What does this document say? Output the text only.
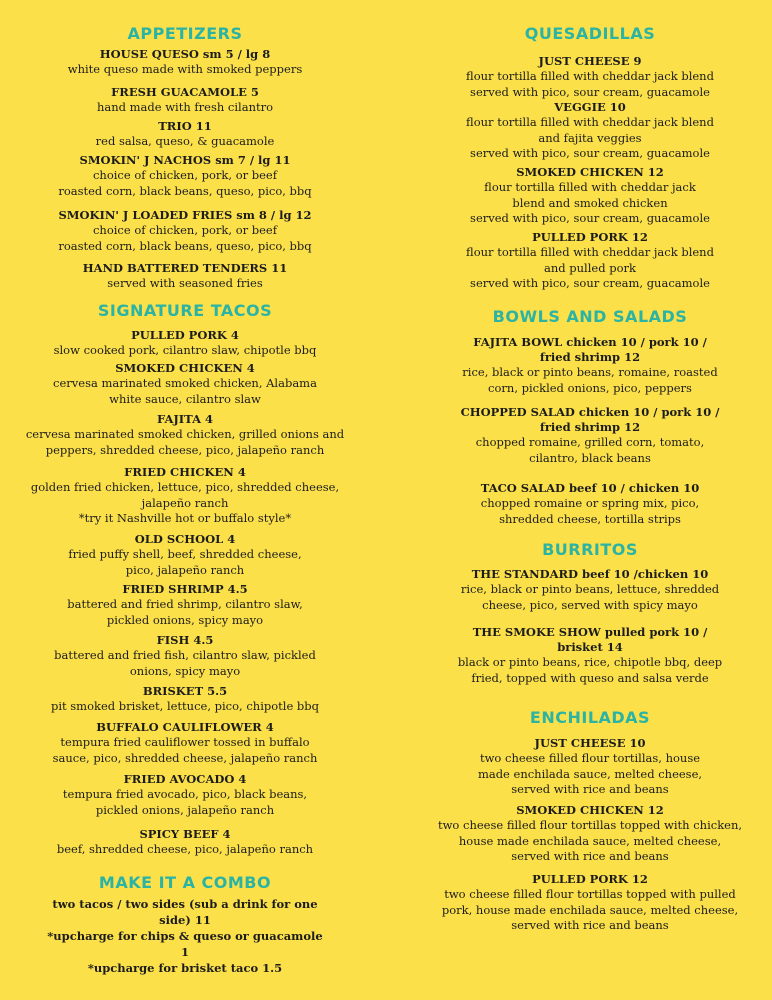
APPETIZERS
HOUSE QUESO sm 5 / lg 8
white queso made with smoked peppers
FRESH GUACAMOLE 5
hand made with fresh cilantro
TRIO 11
red salsa, queso, & guacamole
SMOKIN' J NACHOS sm 7 / lg 11
choice of chicken, pork, or beef
roasted corn, black beans, queso, pico, bbq
SMOKIN' J LOADED FRIES sm 8 / lg 12
choice of chicken, pork, or beef
roasted corn, black beans, queso, pico, bbq
HAND BATTERED TENDERS 11
served with seasoned fries
SIGNATURE TACOS
PULLED PORK 4
slow cooked pork, cilantro slaw, chipotle bbq
SMOKED CHICKEN 4
cervesa marinated smoked chicken, Alabama
white sauce, cilantro slaw
FAJITA 4
cervesa marinated smoked chicken, grilled onions and
peppers, shredded cheese, pico, jalapeño ranch
FRIED CHICKEN 4
golden fried chicken, lettuce, pico, shredded cheese,
jalapeño ranch
*try it Nashville hot or buffalo style*
OLD SCHOOL 4
fried puffy shell, beef, shredded cheese,
pico, jalapeño ranch
FRIED SHRIMP 4.5
battered and fried shrimp, cilantro slaw,
pickled onions, spicy mayo
FISH 4.5
battered and fried fish, cilantro slaw, pickled
onions, spicy mayo
BRISKET 5.5
pit smoked brisket, lettuce, pico, chipotle bbq
BUFFALO CAULIFLOWER 4
tempura fried cauliflower tossed in buffalo
sauce, pico, shredded cheese, jalapeño ranch
FRIED AVOCADO 4
tempura fried avocado, pico, black beans,
pickled onions, jalapeño ranch
SPICY BEEF 4
beef, shredded cheese, pico, jalapeño ranch
MAKE IT A COMBO
two tacos / two sides (sub a drink for one
side) 11
*upcharge for chips & queso or guacamole
1
*upcharge for brisket taco 1.5
QUESADILLAS
JUST CHEESE 9
flour tortilla filled with cheddar jack blend
served with pico, sour cream, guacamole
VEGGIE 10
flour tortilla filled with cheddar jack blend
and fajita veggies
served with pico, sour cream, guacamole
SMOKED CHICKEN 12
flour tortilla filled with cheddar jack
blend and smoked chicken
served with pico, sour cream, guacamole
PULLED PORK 12
flour tortilla filled with cheddar jack blend
and pulled pork
served with pico, sour cream, guacamole
BOWLS AND SALADS
FAJITA BOWL chicken 10 / pork 10 /
fried shrimp 12
rice, black or pinto beans, romaine, roasted
corn, pickled onions, pico, peppers
CHOPPED SALAD chicken 10 / pork 10 /
fried shrimp 12
chopped romaine, grilled corn, tomato,
cilantro, black beans
TACO SALAD beef 10 / chicken 10
chopped romaine or spring mix, pico,
shredded cheese, tortilla strips
BURRITOS
THE STANDARD beef 10 /chicken 10
rice, black or pinto beans, lettuce, shredded
cheese, pico, served with spicy mayo
THE SMOKE SHOW pulled pork 10 /
brisket 14
black or pinto beans, rice, chipotle bbq, deep
fried, topped with queso and salsa verde
ENCHILADAS
JUST CHEESE 10
two cheese filled flour tortillas, house
made enchilada sauce, melted cheese,
served with rice and beans
SMOKED CHICKEN 12
two cheese filled flour tortillas topped with chicken,
house made enchilada sauce, melted cheese,
served with rice and beans
PULLED PORK 12
two cheese filled flour tortillas topped with pulled
pork, house made enchilada sauce, melted cheese,
served with rice and beans
